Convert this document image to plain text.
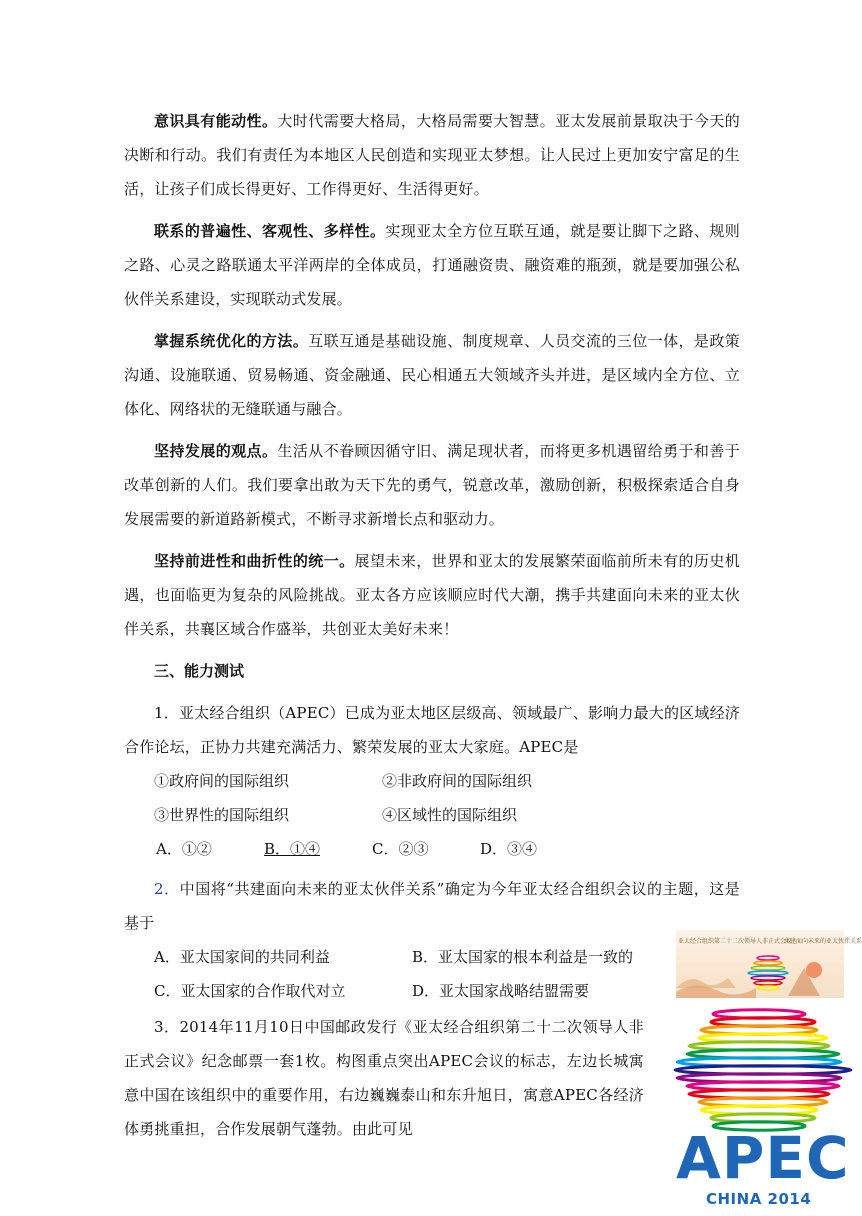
意识具有能动性。大时代需要大格局，大格局需要大智慧。亚太发展前景取决于今天的决断和行动。我们有责任为本地区人民创造和实现亚太梦想。让人民过上更加安宁富足的生活，让孩子们成长得更好、工作得更好、生活得更好。

联系的普遍性、客观性、多样性。实现亚太全方位互联互通，就是要让脚下之路、规则之路、心灵之路联通太平洋两岸的全体成员，打通融资贵、融资难的瓶颈，就是要加强公私伙伴关系建设，实现联动式发展。

掌握系统优化的方法。互联互通是基础设施、制度规章、人员交流的三位一体，是政策沟通、设施联通、贸易畅通、资金融通、民心相通五大领域齐头并进，是区域内全方位、立体化、网络状的无缝联通与融合。

坚持发展的观点。生活从不眷顾因循守旧、满足现状者，而将更多机遇留给勇于和善于改革创新的人们。我们要拿出敢为天下先的勇气，锐意改革，激励创新，积极探索适合自身发展需要的新道路新模式，不断寻求新增长点和驱动力。

坚持前进性和曲折性的统一。展望未来，世界和亚太的发展繁荣面临前所未有的历史机遇，也面临更为复杂的风险挑战。亚太各方应该顺应时代大潮，携手共建面向未来的亚太伙伴关系，共襄区域合作盛举，共创亚太美好未来！

三、能力测试

1．亚太经合组织（APEC）已成为亚太地区层级高、领域最广、影响力最大的区域经济合作论坛，正协力共建充满活力、繁荣发展的亚太大家庭。APEC是

①政府间的国际组织	②非政府间的国际组织
③世界性的国际组织	④区域性的国际组织
A．①②	B．①④	C．②③	D．③④

2．中国将“共建面向未来的亚太伙伴关系”确定为今年亚太经合组织会议的主题，这是基于

A．亚太国家间的共同利益	B．亚太国家的根本利益是一致的
C．亚太国家的合作取代对立	D．亚太国家战略结盟需要

3．2014年11月10日中国邮政发行《亚太经合组织第二十二次领导人非正式会议》纪念邮票一套1枚。构图重点突出APEC会议的标志，左边长城寓意中国在该组织中的重要作用，右边巍巍泰山和东升旭日，寓意APEC各经济体勇挑重担，合作发展朝气蓬勃。由此可见

亚太经合组织第二十二次领导人非正式会议
共建面向未来的亚太伙伴关系
APEC
CHINA 2014
